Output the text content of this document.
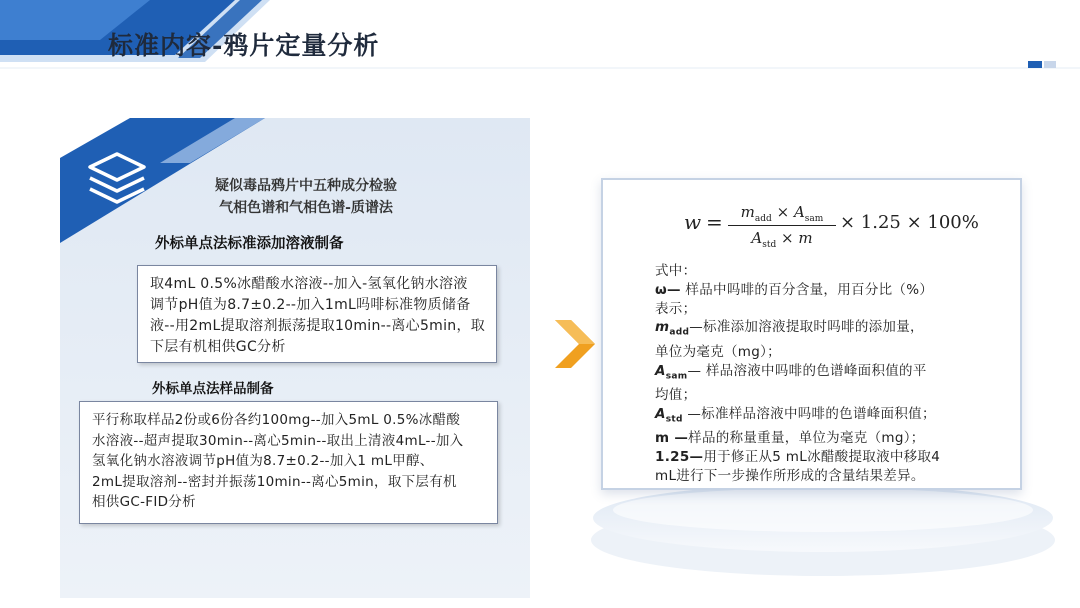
标准内容-鸦片定量分析
疑似毒品鸦片中五种成分检验
气相色谱和气相色谱-质谱法
外标单点法标准添加溶液制备
取4mL 0.5%冰醋酸水溶液--加入-氢氧化钠水溶液
调节pH值为8.7±0.2--加入1mL吗啡标准物质储备
液--用2mL提取溶剂振荡提取10min--离心5min，取
下层有机相供GC分析
外标单点法样品制备
平行称取样品2份或6份各约100mg--加入5mL 0.5%冰醋酸
水溶液--超声提取30min--离心5min--取出上清液4mL--加入
氢氧化钠水溶液调节pH值为8.7±0.2--加入1 mL甲醇、
2mL提取溶剂--密封并振荡10min--离心5min，取下层有机
相供GC-FID分析
w =	$m_{add} \times A_{sam}$
$A_{std} \times m$
× 1.25 × 100%
式中：
ω— 样品中吗啡的百分含量，用百分比（%）
表示；
$m_{add}—$标准添加溶液提取时吗啡的添加量，
单位为毫克（mg）；
$A_{sam}—$ 样品溶液中吗啡的色谱峰面积值的平
均值；
$A_{std}$ —标准样品溶液中吗啡的色谱峰面积值；
m —样品的称量重量，单位为毫克（mg）；
1.25—用于修正从5 mL冰醋酸提取液中移取4
mL进行下一步操作所形成的含量结果差异。
